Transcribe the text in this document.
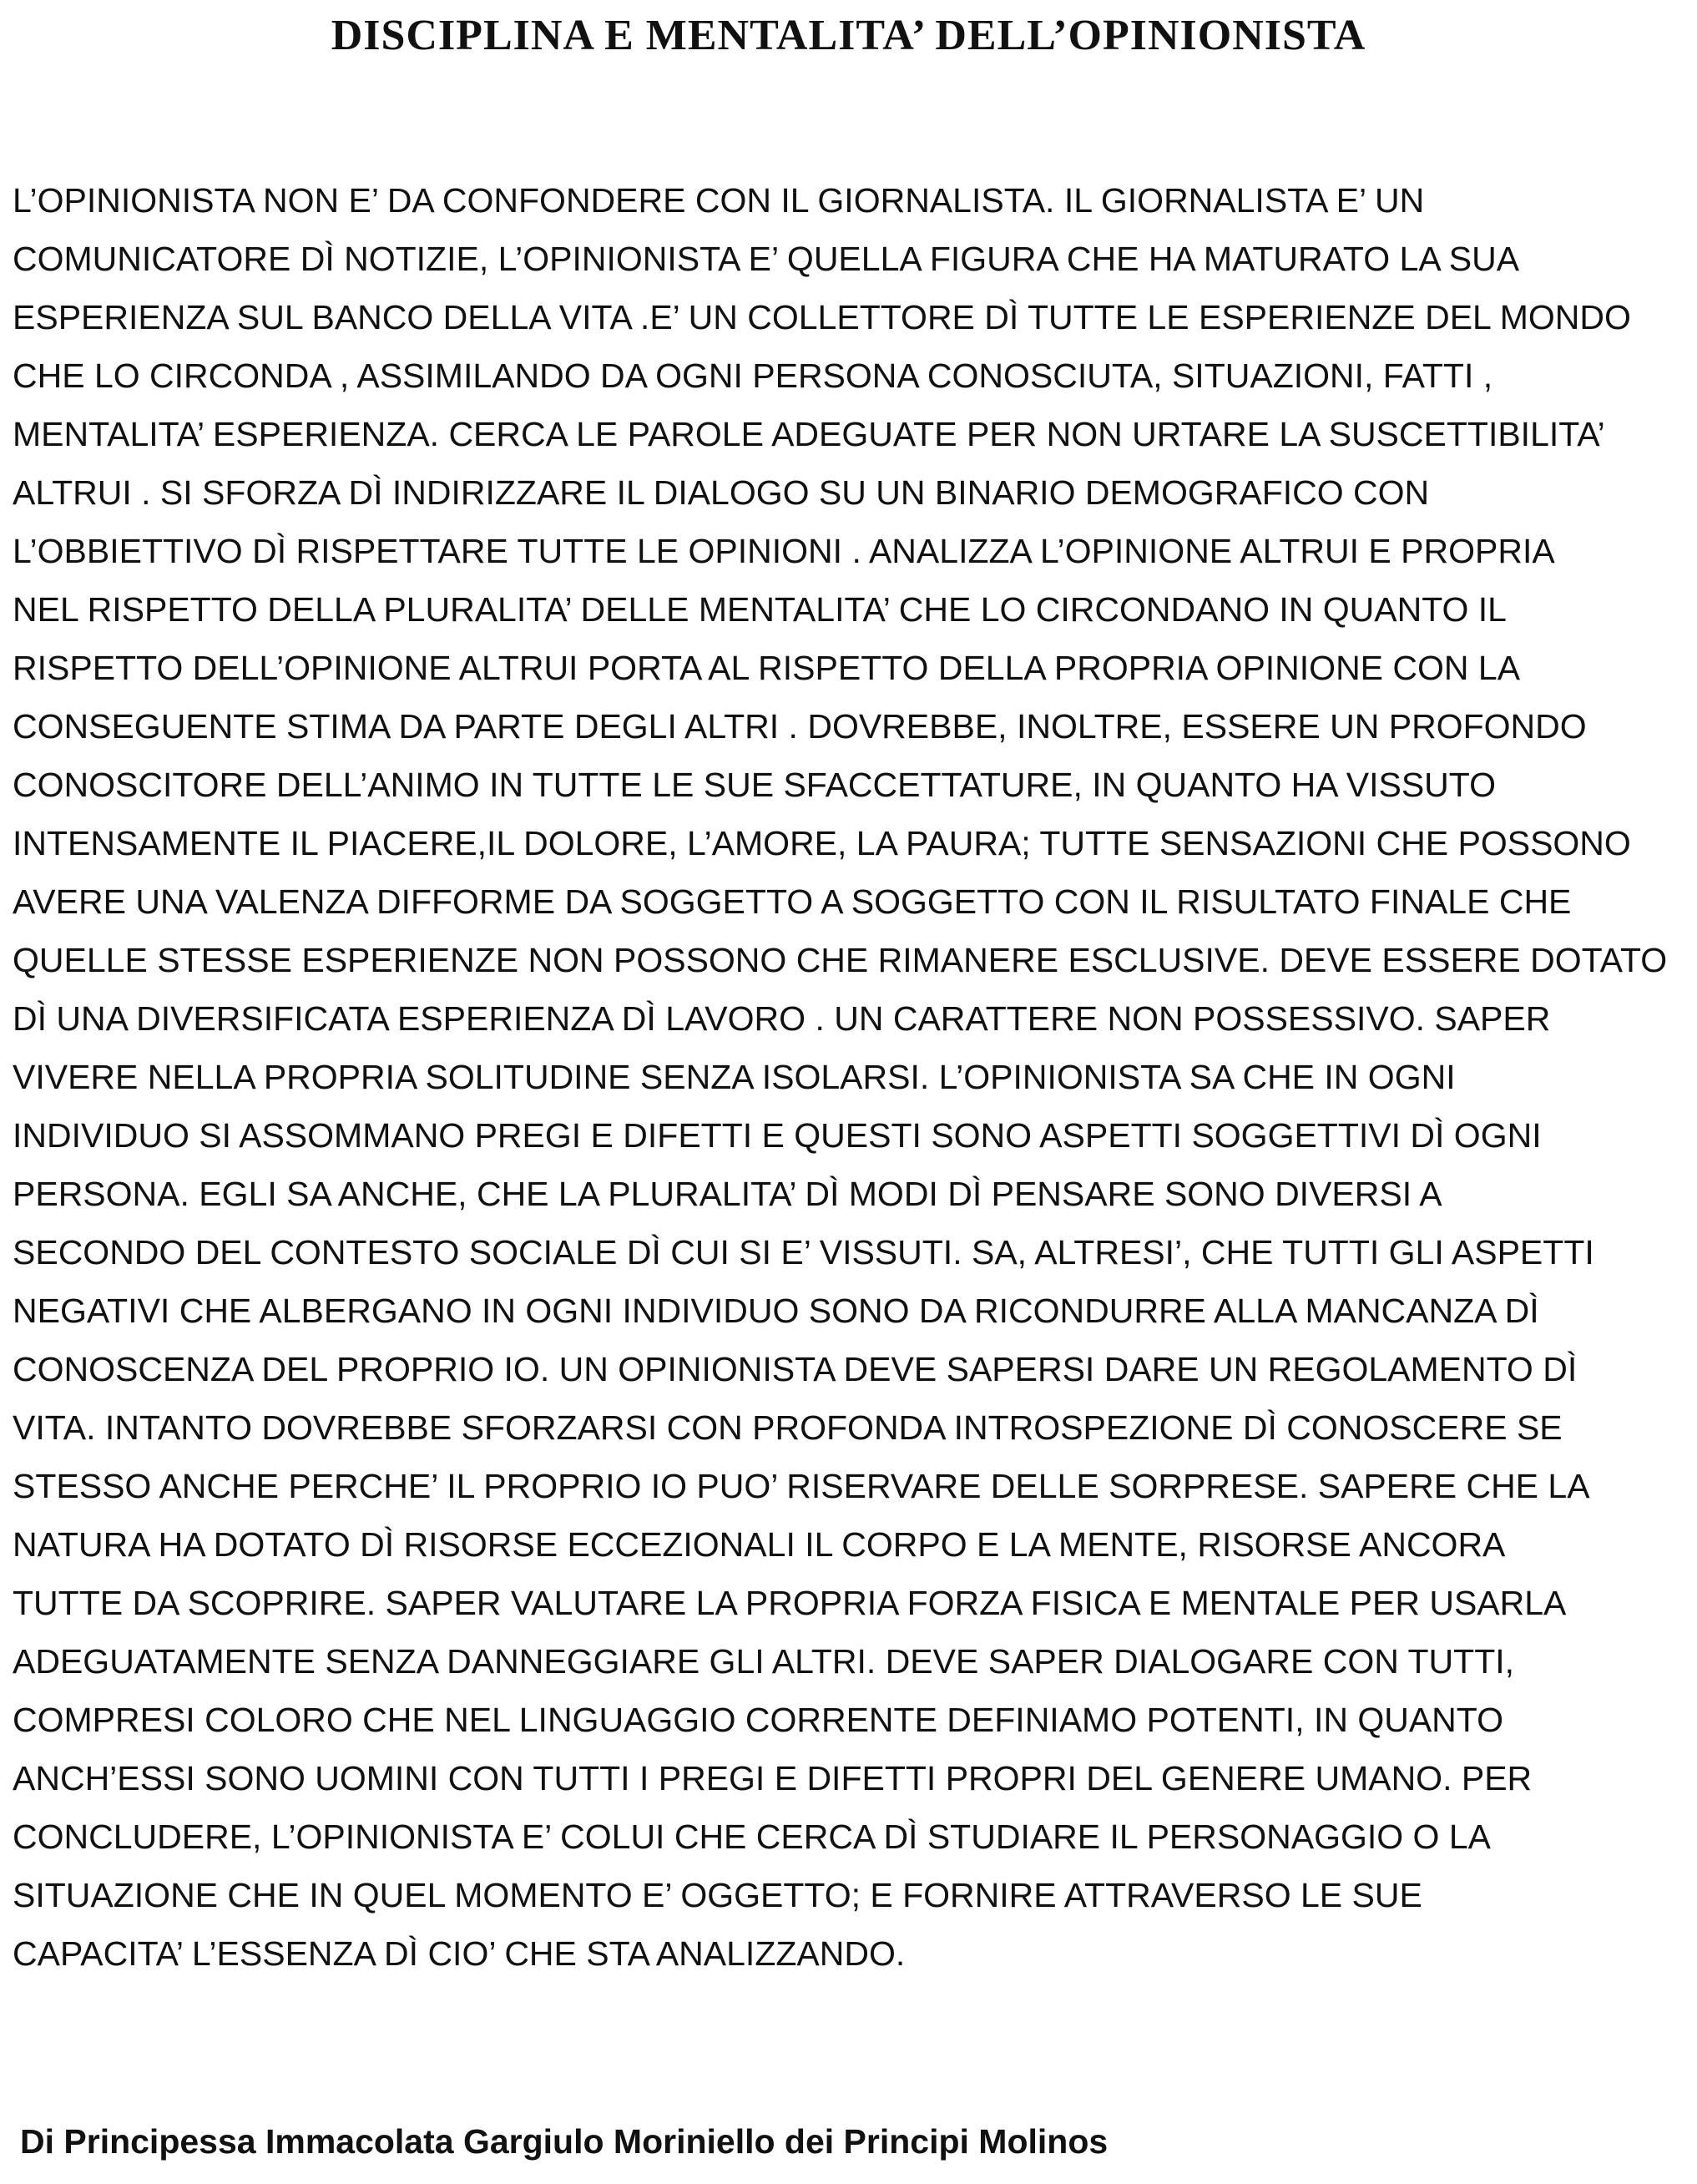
DISCIPLINA E MENTALITA’ DELL’OPINIONISTA
L’OPINIONISTA NON E’ DA CONFONDERE CON IL GIORNALISTA. IL GIORNALISTA E’ UN
COMUNICATORE DÌ NOTIZIE, L’OPINIONISTA E’ QUELLA FIGURA CHE HA MATURATO LA SUA
ESPERIENZA SUL BANCO DELLA VITA .E’ UN COLLETTORE DÌ TUTTE LE ESPERIENZE DEL MONDO
CHE LO CIRCONDA , ASSIMILANDO DA OGNI PERSONA CONOSCIUTA, SITUAZIONI, FATTI ,
MENTALITA’ ESPERIENZA. CERCA LE PAROLE ADEGUATE PER NON URTARE LA SUSCETTIBILITA’
ALTRUI . SI SFORZA DÌ INDIRIZZARE IL DIALOGO SU UN BINARIO DEMOGRAFICO CON
L’OBBIETTIVO DÌ RISPETTARE TUTTE LE OPINIONI . ANALIZZA L’OPINIONE ALTRUI E PROPRIA
NEL RISPETTO DELLA PLURALITA’ DELLE MENTALITA’ CHE LO CIRCONDANO IN QUANTO IL
RISPETTO DELL’OPINIONE ALTRUI PORTA AL RISPETTO DELLA PROPRIA OPINIONE CON LA
CONSEGUENTE STIMA DA PARTE DEGLI ALTRI . DOVREBBE, INOLTRE, ESSERE UN PROFONDO
CONOSCITORE DELL’ANIMO IN TUTTE LE SUE SFACCETTATURE, IN QUANTO HA VISSUTO
INTENSAMENTE IL PIACERE,IL DOLORE, L’AMORE, LA PAURA; TUTTE SENSAZIONI CHE POSSONO
AVERE UNA VALENZA DIFFORME DA SOGGETTO A SOGGETTO CON IL RISULTATO FINALE CHE
QUELLE STESSE ESPERIENZE NON POSSONO CHE RIMANERE ESCLUSIVE. DEVE ESSERE DOTATO
DÌ UNA DIVERSIFICATA ESPERIENZA DÌ LAVORO . UN CARATTERE NON POSSESSIVO. SAPER
VIVERE NELLA PROPRIA SOLITUDINE SENZA ISOLARSI. L’OPINIONISTA SA CHE IN OGNI
INDIVIDUO SI ASSOMMANO PREGI E DIFETTI E QUESTI SONO ASPETTI SOGGETTIVI DÌ OGNI
PERSONA. EGLI SA ANCHE, CHE LA PLURALITA’ DÌ MODI DÌ PENSARE SONO DIVERSI A
SECONDO DEL CONTESTO SOCIALE DÌ CUI SI E’ VISSUTI. SA, ALTRESI’, CHE TUTTI GLI ASPETTI
NEGATIVI CHE ALBERGANO IN OGNI INDIVIDUO SONO DA RICONDURRE ALLA MANCANZA DÌ
CONOSCENZA DEL PROPRIO IO. UN OPINIONISTA DEVE SAPERSI DARE UN REGOLAMENTO DÌ
VITA. INTANTO DOVREBBE SFORZARSI CON PROFONDA INTROSPEZIONE DÌ CONOSCERE SE
STESSO ANCHE PERCHE’ IL PROPRIO IO PUO’ RISERVARE DELLE SORPRESE. SAPERE CHE LA
NATURA HA DOTATO DÌ RISORSE ECCEZIONALI IL CORPO E LA MENTE, RISORSE ANCORA
TUTTE DA SCOPRIRE. SAPER VALUTARE LA PROPRIA FORZA FISICA E MENTALE PER USARLA
ADEGUATAMENTE SENZA DANNEGGIARE GLI ALTRI. DEVE SAPER DIALOGARE CON TUTTI,
COMPRESI COLORO CHE NEL LINGUAGGIO CORRENTE DEFINIAMO POTENTI, IN QUANTO
ANCH’ESSI SONO UOMINI CON TUTTI I PREGI E DIFETTI PROPRI DEL GENERE UMANO. PER
CONCLUDERE, L’OPINIONISTA E’ COLUI CHE CERCA DÌ STUDIARE IL PERSONAGGIO O LA
SITUAZIONE CHE IN QUEL MOMENTO E’ OGGETTO; E FORNIRE ATTRAVERSO LE SUE
CAPACITA’ L’ESSENZA DÌ CIO’ CHE STA ANALIZZANDO.

Di Principessa Immacolata Gargiulo Moriniello dei Principi Molinos
